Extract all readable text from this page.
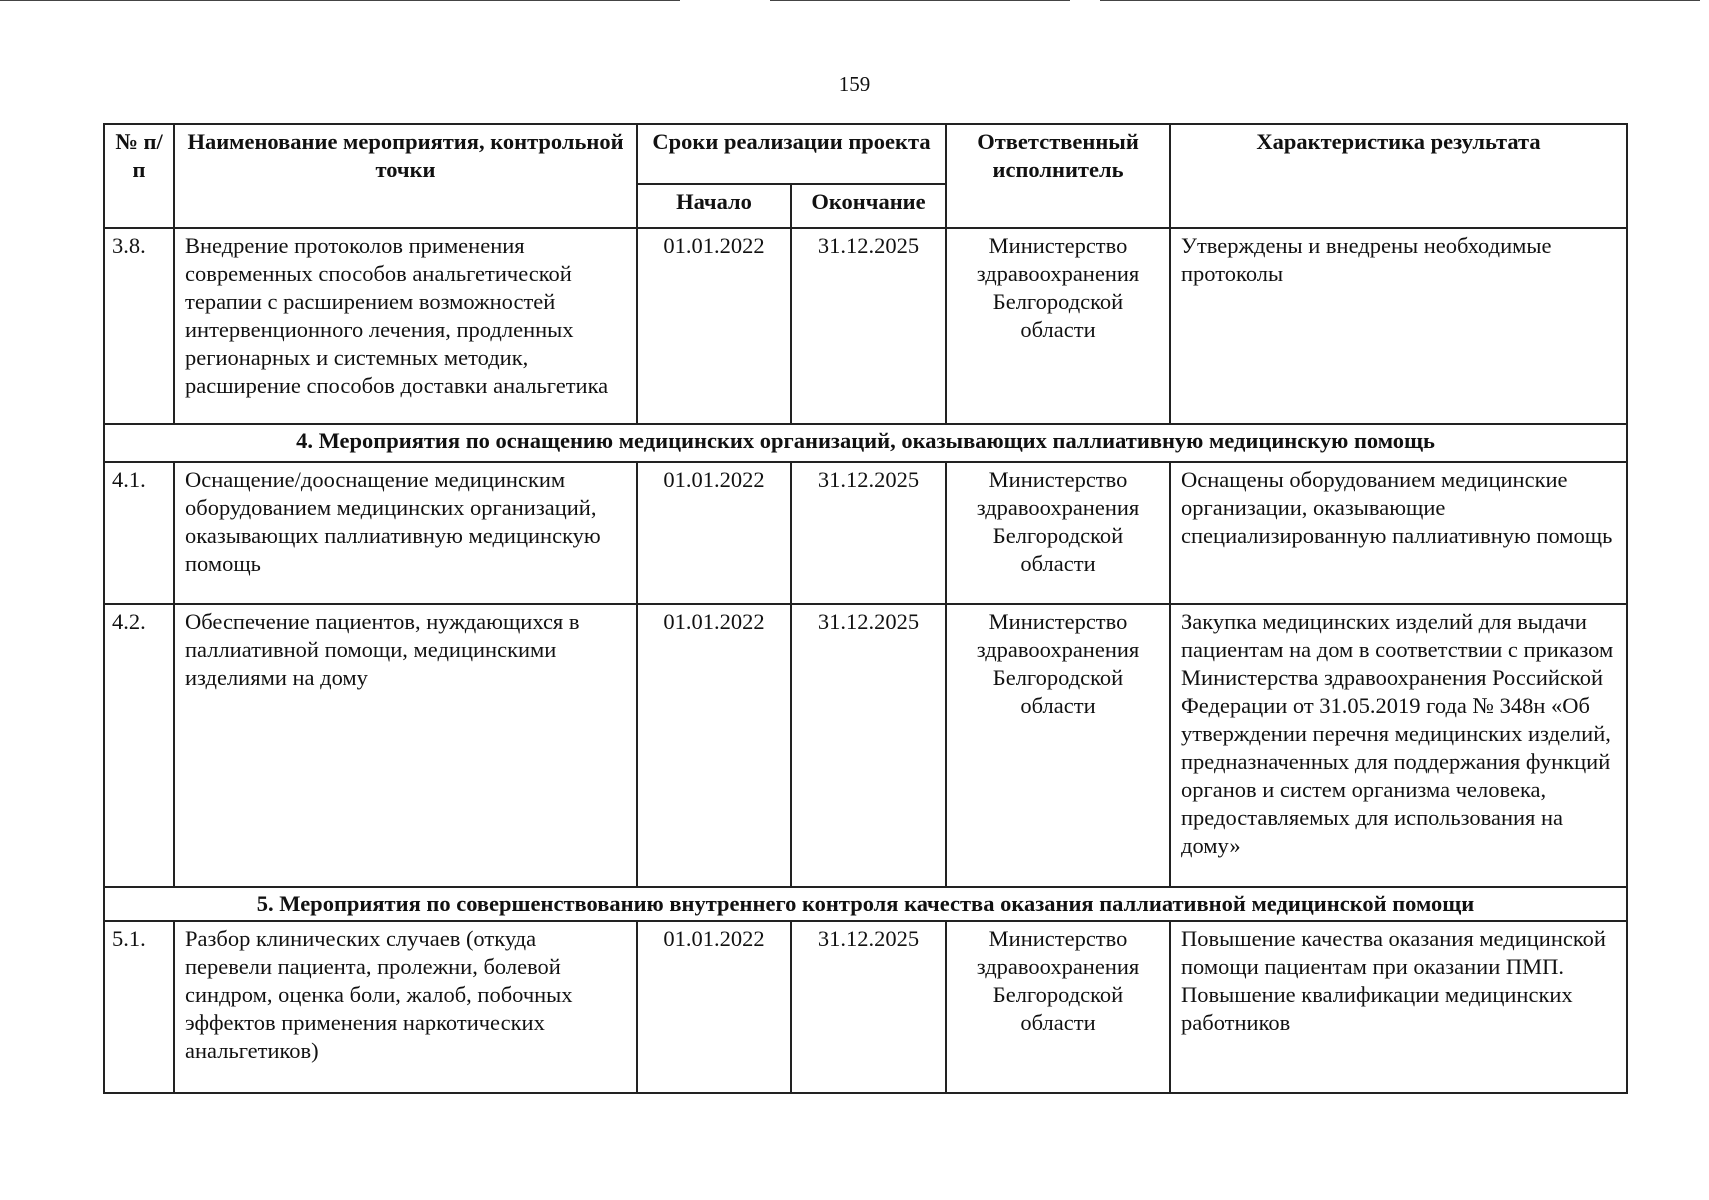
159
№ п/п	Наименование мероприятия, контрольной точки	Сроки реализации проекта		Ответственный исполнитель	Характеристика результата
		Начало	Окончание		
3.8.	Внедрение протоколов применения современных способов анальгетической терапии с расширением возможностей интервенционного лечения, продленных регионарных и системных методик, расширение способов доставки анальгетика	01.01.2022	31.12.2025	Министерство здравоохранения Белгородской области	Утверждены и внедрены необходимые протоколы
4. Мероприятия по оснащению медицинских организаций, оказывающих паллиативную медицинскую помощь					
4.1.	Оснащение/дооснащение медицинским оборудованием медицинских организаций, оказывающих паллиативную медицинскую помощь	01.01.2022	31.12.2025	Министерство здравоохранения Белгородской области	Оснащены оборудованием медицинские организации, оказывающие специализированную паллиативную помощь
4.2.	Обеспечение пациентов, нуждающихся в паллиативной помощи, медицинскими изделиями на дому	01.01.2022	31.12.2025	Министерство здравоохранения Белгородской области	Закупка медицинских изделий для выдачи пациентам на дом в соответствии с приказом Министерства здравоохранения Российской Федерации от 31.05.2019 года № 348н «Об утверждении перечня медицинских изделий, предназначенных для поддержания функций органов и систем организма человека, предоставляемых для использования на дому»
5. Мероприятия по совершенствованию внутреннего контроля качества оказания паллиативной медицинской помощи					
5.1.	Разбор клинических случаев (откуда перевели пациента, пролежни, болевой синдром, оценка боли, жалоб, побочных эффектов применения наркотических анальгетиков)	01.01.2022	31.12.2025	Министерство здравоохранения Белгородской области	Повышение качества оказания медицинской помощи пациентам при оказании ПМП.
Повышение квалификации медицинских работников
